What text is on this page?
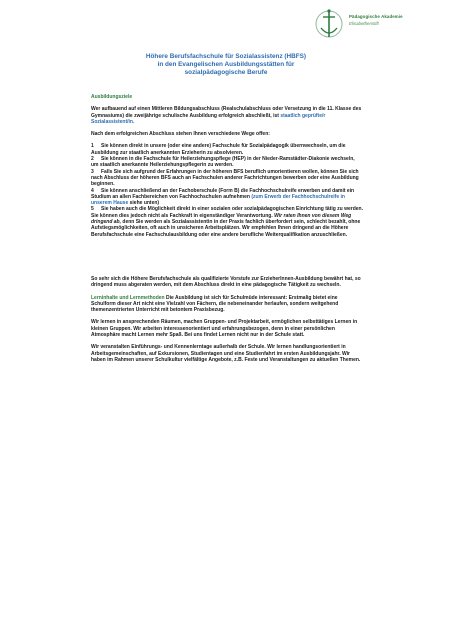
Pädagogische Akademie
Elisabethenstift
Höhere Berufsfachschule für Sozialassistenz (HBFS)
in den Evangelischen Ausbildungsstätten für
sozialpädagogische Berufe

Ausbildungsziele

Wer aufbauend auf einen Mittleren Bildungsabschluss (Realschulabschluss oder Versetzung in die 11. Klasse des Gymnasiums) die zweijährige schulische Ausbildung erfolgreich abschließt, ist staatlich geprüfte/r Sozialassistent/in.

Nach dem erfolgreichen Abschluss stehen Ihnen verschiedene Wege offen:

1 Sie können direkt in unsere (oder eine andere) Fachschule für Sozialpädagogik übernwechseln, um die Ausbildung zur staatlich anerkannten Erzieherin zu absolvieren.

2 Sie können in die Fachschule für Heilerziehungspflege (HEP) in der Nieder-Ramstädter-Diakonie wechseln, um staatlich anerkannte Heilerziehungspflegerin zu werden.

3 Falls Sie sich aufgrund der Erfahrungen in der höheren BFS beruflich umorientieren wollen, können Sie sich nach Abschluss der höheren BFS auch an Fachschulen anderer Fachrichtungen bewerben oder eine Ausbildung beginnen.

4 Sie können anschließend an der Fachoberschule (Form B) die Fachhochschulreife erwerben und damit ein Studium an allen Fachbereichen von Fachhochschulen aufnehmen (zum Erwerb der Fachhochschulreife in unserem Hause siehe unten)

5 Sie haben auch die Möglichkeit direkt in einer sozialen oder sozialpädagogischen Einrichtung tätig zu werden. Sie können dies jedoch nicht als Fachkraft in eigenständiger Verantwortung. Wir raten Ihnen von diesem Weg dringend ab, denn Sie werden als Sozialassistentin in der Praxis fachlich überfordert sein, schlecht bezahlt, ohne Aufstiegsmöglichkeiten, oft auch in unsicheren Arbeitsplätzen. Wir empfehlen Ihnen dringend an die Höhere Berufsfachschule eine Fachschulausbildung oder eine andere berufliche Weiterqualifikation anzuschließen.

So sehr sich die Höhere Berufsfachschule als qualifizierte Vorstufe zur ErzieherInnen-Ausbildung bewährt hat, so dringend muss abgeraten werden, mit dem Abschluss direkt in eine pädagogische Tätigkeit zu wechseln.

Lerninhalte und Lernmethoden Die Ausbildung ist sich für Schulmüde interessant: Erstmalig bietet eine Schulform dieser Art nicht eine Vielzahl von Fächern, die nebeneinander herlaufen, sondern weitgehend themenzentrierten Unterricht mit betontem Praxisbezug.

Wir lernen in ansprechenden Räumen, machen Gruppen- und Projektarbeit, ermöglichen selbsttätiges Lernen in kleinen Gruppen. Wir arbeiten interessenorientiert und erfahrungsbezogen, denn in einer persönlichen Atmosphäre macht Lernen mehr Spaß. Bei uns findet Lernen nicht nur in der Schule statt.

Wir veranstalten Einführungs- und Kennenlerntage außerhalb der Schule. Wir lernen handlungsorientiert in Arbeitsgemeinschaften, auf Exkursionen, Studientagen und eine Studienfahrt im ersten Ausbildungsjahr. Wir haben im Rahmen unserer Schulkultur vielfältige Angebote, z.B. Feste und Veranstaltungen zu aktuellen Themen.
